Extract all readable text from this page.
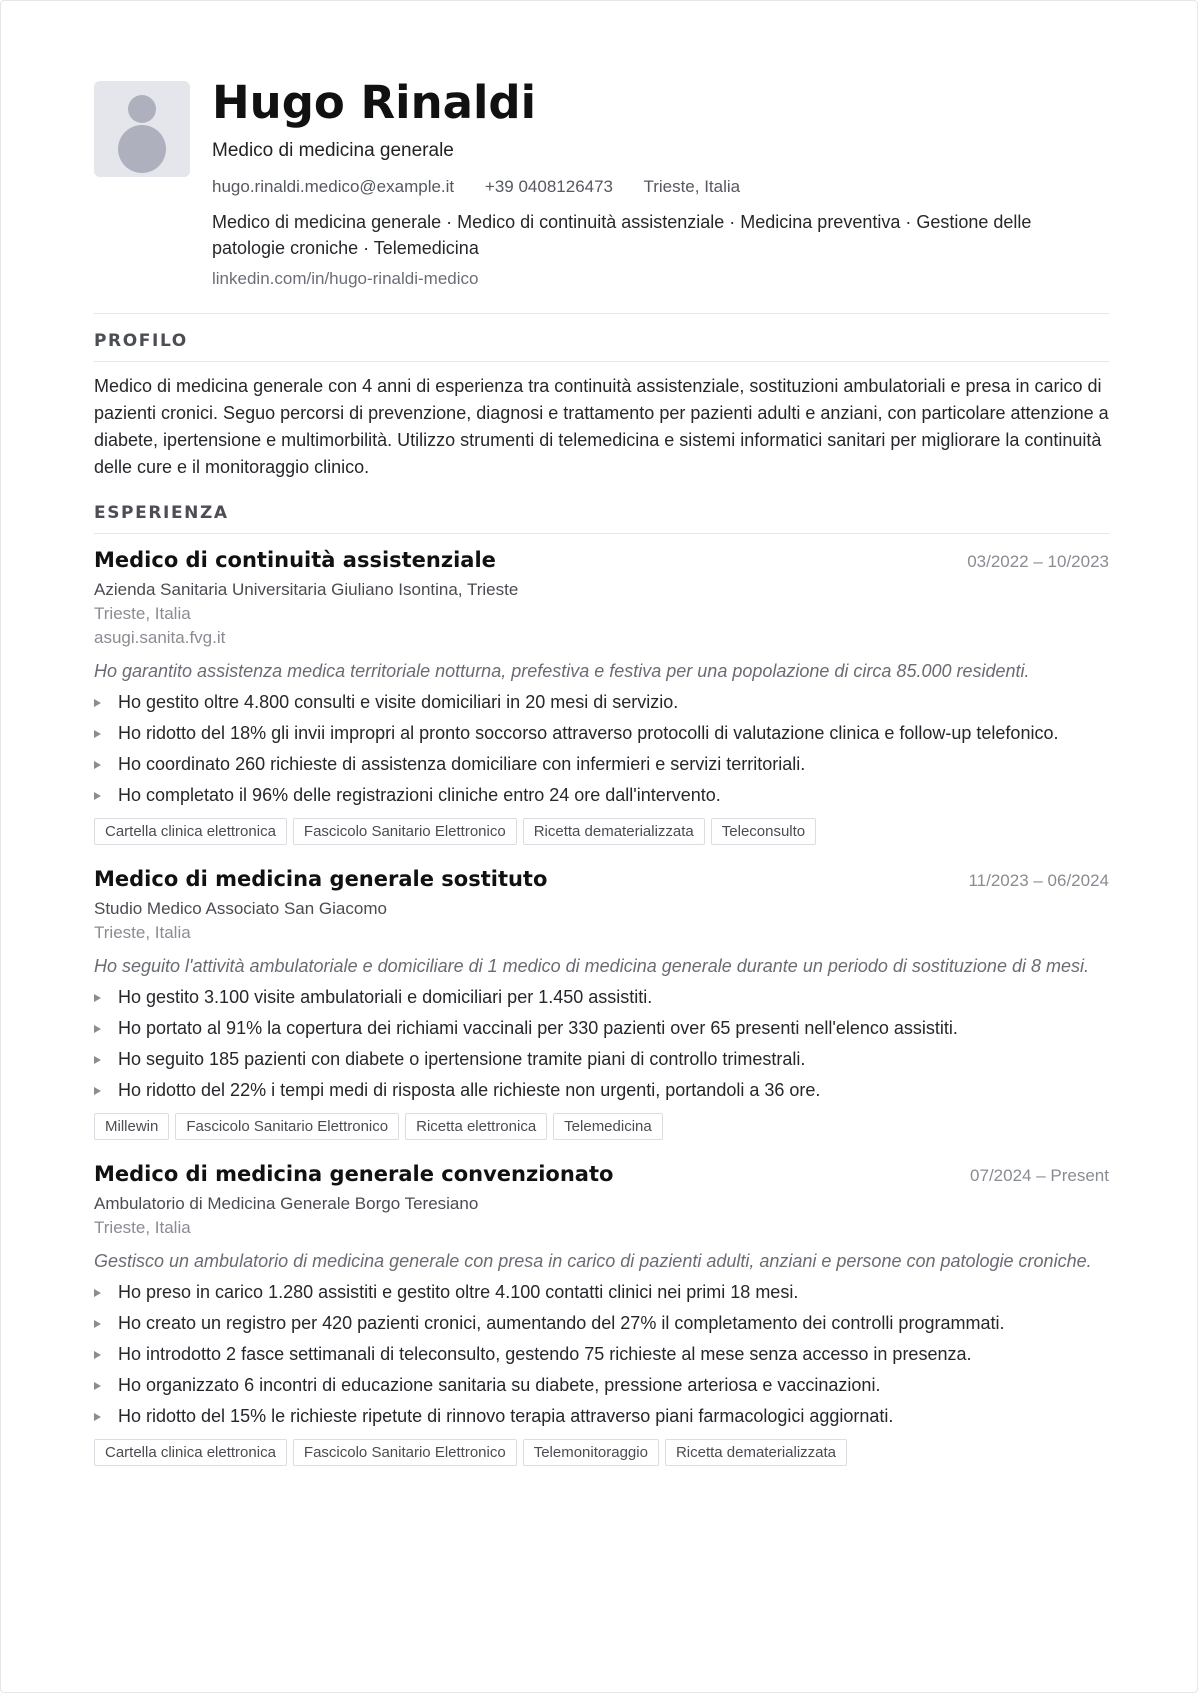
Hugo Rinaldi
Medico di medicina generale
hugo.rinaldi.medico@example.it +39 0408126473 Trieste, Italia
Medico di medicina generale · Medico di continuità assistenziale · Medicina preventiva · Gestione delle patologie croniche · Telemedicina
linkedin.com/in/hugo-rinaldi-medico
PROFILO
Medico di medicina generale con 4 anni di esperienza tra continuità assistenziale, sostituzioni ambulatoriali e presa in carico di pazienti cronici. Seguo percorsi di prevenzione, diagnosi e trattamento per pazienti adulti e anziani, con particolare attenzione a diabete, ipertensione e multimorbilità. Utilizzo strumenti di telemedicina e sistemi informatici sanitari per migliorare la continuità delle cure e il monitoraggio clinico.
ESPERIENZA
Medico di continuità assistenziale	03/2022 – 10/2023
Azienda Sanitaria Universitaria Giuliano Isontina, Trieste
Trieste, Italia
asugi.sanita.fvg.it
Ho garantito assistenza medica territoriale notturna, prefestiva e festiva per una popolazione di circa 85.000 residenti.
Ho gestito oltre 4.800 consulti e visite domiciliari in 20 mesi di servizio.
Ho ridotto del 18% gli invii impropri al pronto soccorso attraverso protocolli di valutazione clinica e follow-up telefonico.
Ho coordinato 260 richieste di assistenza domiciliare con infermieri e servizi territoriali.
Ho completato il 96% delle registrazioni cliniche entro 24 ore dall'intervento.
Cartella clinica elettronica	Fascicolo Sanitario Elettronico	Ricetta dematerializzata	Teleconsulto
Medico di medicina generale sostituto	11/2023 – 06/2024
Studio Medico Associato San Giacomo
Trieste, Italia
Ho seguito l'attività ambulatoriale e domiciliare di 1 medico di medicina generale durante un periodo di sostituzione di 8 mesi.
Ho gestito 3.100 visite ambulatoriali e domiciliari per 1.450 assistiti.
Ho portato al 91% la copertura dei richiami vaccinali per 330 pazienti over 65 presenti nell'elenco assistiti.
Ho seguito 185 pazienti con diabete o ipertensione tramite piani di controllo trimestrali.
Ho ridotto del 22% i tempi medi di risposta alle richieste non urgenti, portandoli a 36 ore.
Millewin	Fascicolo Sanitario Elettronico	Ricetta elettronica	Telemedicina
Medico di medicina generale convenzionato	07/2024 – Present
Ambulatorio di Medicina Generale Borgo Teresiano
Trieste, Italia
Gestisco un ambulatorio di medicina generale con presa in carico di pazienti adulti, anziani e persone con patologie croniche.
Ho preso in carico 1.280 assistiti e gestito oltre 4.100 contatti clinici nei primi 18 mesi.
Ho creato un registro per 420 pazienti cronici, aumentando del 27% il completamento dei controlli programmati.
Ho introdotto 2 fasce settimanali di teleconsulto, gestendo 75 richieste al mese senza accesso in presenza.
Ho organizzato 6 incontri di educazione sanitaria su diabete, pressione arteriosa e vaccinazioni.
Ho ridotto del 15% le richieste ripetute di rinnovo terapia attraverso piani farmacologici aggiornati.
Cartella clinica elettronica	Fascicolo Sanitario Elettronico	Telemonitoraggio	Ricetta dematerializzata
